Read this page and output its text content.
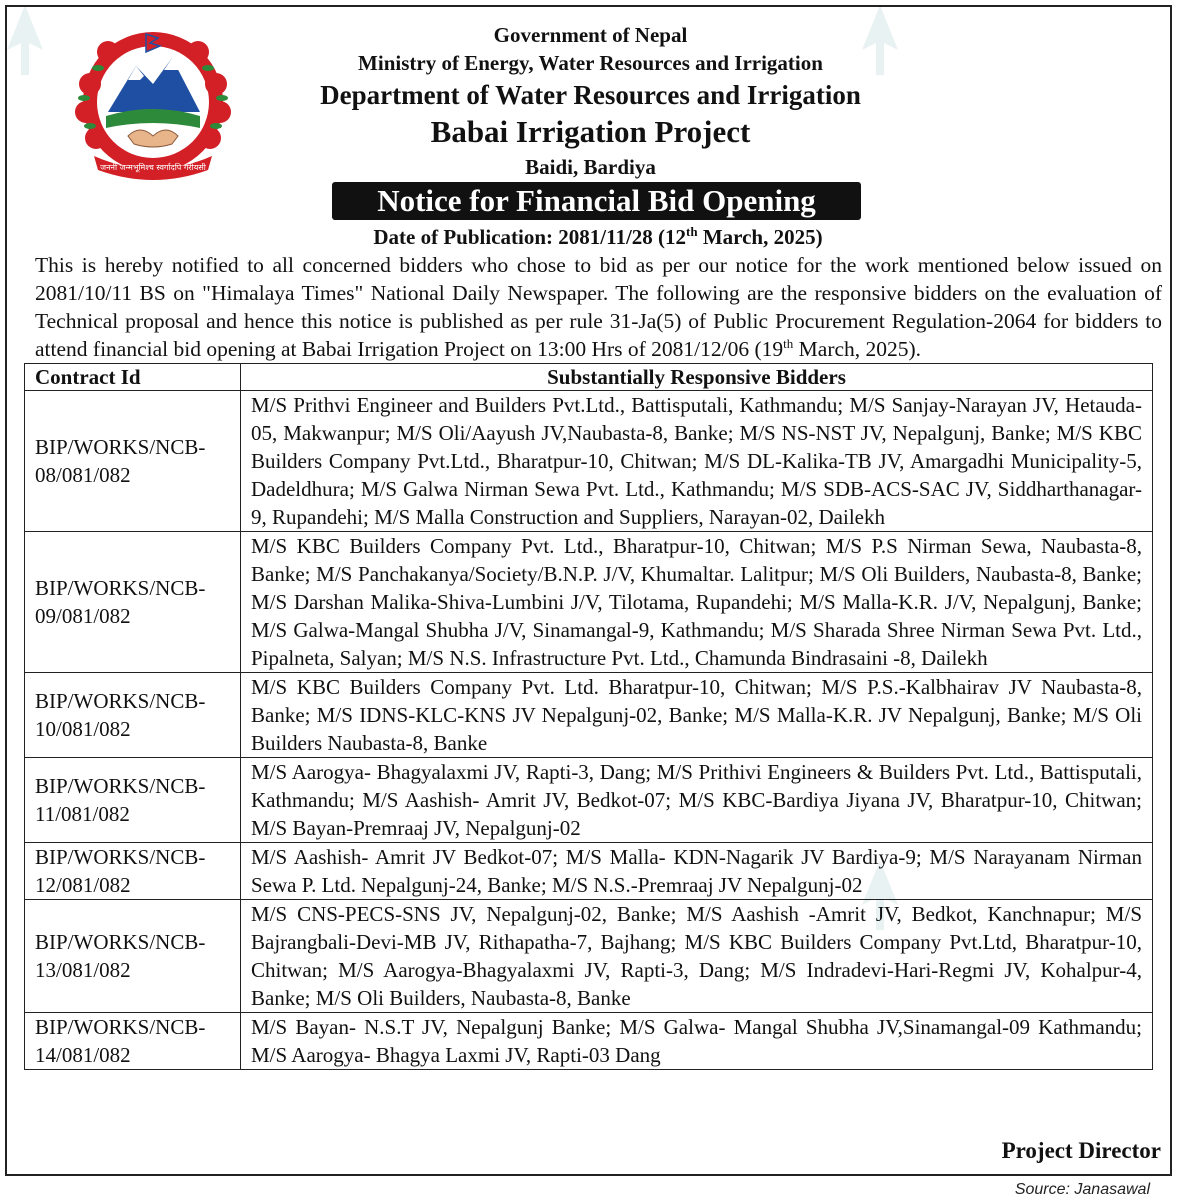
जननी जन्मभूमिश्च स्वर्गादपि गरीयसी
Government of Nepal
Ministry of Energy, Water Resources and Irrigation
Department of Water Resources and Irrigation
Babai Irrigation Project
Baidi, Bardiya
Notice for Financial Bid Opening
Date of Publication: 2081/11/28 (12th March, 2025)
This is hereby notified to all concerned bidders who chose to bid as per our notice for the work mentioned below issued on 2081/10/11 BS on "Himalaya Times" National Daily Newspaper. The following are the responsive bidders on the evaluation of Technical proposal and hence this notice is published as per rule 31-Ja(5) of Public Procurement Regulation-2064 for bidders to attend financial bid opening at Babai Irrigation Project on 13:00 Hrs of 2081/12/06 (19th March, 2025).
Contract Id	Substantially Responsive Bidders
BIP/WORKS/NCB-
08/081/082	M/S Prithvi Engineer and Builders Pvt.Ltd., Battisputali, Kathmandu; M/S Sanjay-Narayan JV, Hetauda-05, Makwanpur; M/S Oli/Aayush JV,Naubasta-8, Banke; M/S NS-NST JV, Nepalgunj, Banke; M/S KBC Builders Company Pvt.Ltd., Bharatpur-10, Chitwan; M/S DL-Kalika-TB JV, Amargadhi Municipality-5, Dadeldhura; M/S Galwa Nirman Sewa Pvt. Ltd., Kathmandu; M/S SDB-ACS-SAC JV, Siddharthanagar-9, Rupandehi; M/S Malla Construction and Suppliers, Narayan-02, Dailekh
BIP/WORKS/NCB-
09/081/082	M/S KBC Builders Company Pvt. Ltd., Bharatpur-10, Chitwan; M/S P.S Nirman Sewa, Naubasta-8, Banke; M/S Panchakanya/Society/B.N.P. J/V, Khumaltar. Lalitpur; M/S Oli Builders, Naubasta-8, Banke; M/S Darshan Malika-Shiva-Lumbini J/V, Tilotama, Rupandehi; M/S Malla-K.R. J/V, Nepalgunj, Banke; M/S Galwa-Mangal Shubha J/V, Sinamangal-9, Kathmandu; M/S Sharada Shree Nirman Sewa Pvt. Ltd., Pipalneta, Salyan; M/S N.S. Infrastructure Pvt. Ltd., Chamunda Bindrasaini -8, Dailekh
BIP/WORKS/NCB-
10/081/082	M/S KBC Builders Company Pvt. Ltd. Bharatpur-10, Chitwan; M/S P.S.-Kalbhairav JV Naubasta-8, Banke; M/S IDNS-KLC-KNS JV Nepalgunj-02, Banke; M/S Malla-K.R. JV Nepalgunj, Banke; M/S Oli Builders Naubasta-8, Banke
BIP/WORKS/NCB-
11/081/082	M/S Aarogya- Bhagyalaxmi JV, Rapti-3, Dang; M/S Prithivi Engineers & Builders Pvt. Ltd., Battisputali, Kathmandu; M/S Aashish- Amrit JV, Bedkot-07; M/S KBC-Bardiya Jiyana JV, Bharatpur-10, Chitwan; M/S Bayan-Premraaj JV, Nepalgunj-02
BIP/WORKS/NCB-
12/081/082	M/S Aashish- Amrit JV Bedkot-07; M/S Malla- KDN-Nagarik JV Bardiya-9; M/S Narayanam Nirman Sewa P. Ltd. Nepalgunj-24, Banke; M/S N.S.-Premraaj JV Nepalgunj-02
BIP/WORKS/NCB-
13/081/082	M/S CNS-PECS-SNS JV, Nepalgunj-02, Banke; M/S Aashish -Amrit JV, Bedkot, Kanchnapur; M/S Bajrangbali-Devi-MB JV, Rithapatha-7, Bajhang; M/S KBC Builders Company Pvt.Ltd, Bharatpur-10, Chitwan; M/S Aarogya-Bhagyalaxmi JV, Rapti-3, Dang; M/S Indradevi-Hari-Regmi JV, Kohalpur-4, Banke; M/S Oli Builders, Naubasta-8, Banke
BIP/WORKS/NCB-
14/081/082	M/S Bayan- N.S.T JV, Nepalgunj Banke; M/S Galwa- Mangal Shubha JV,Sinamangal-09 Kathmandu; M/S Aarogya- Bhagya Laxmi JV, Rapti-03 Dang
Project Director
Source: Janasawal
